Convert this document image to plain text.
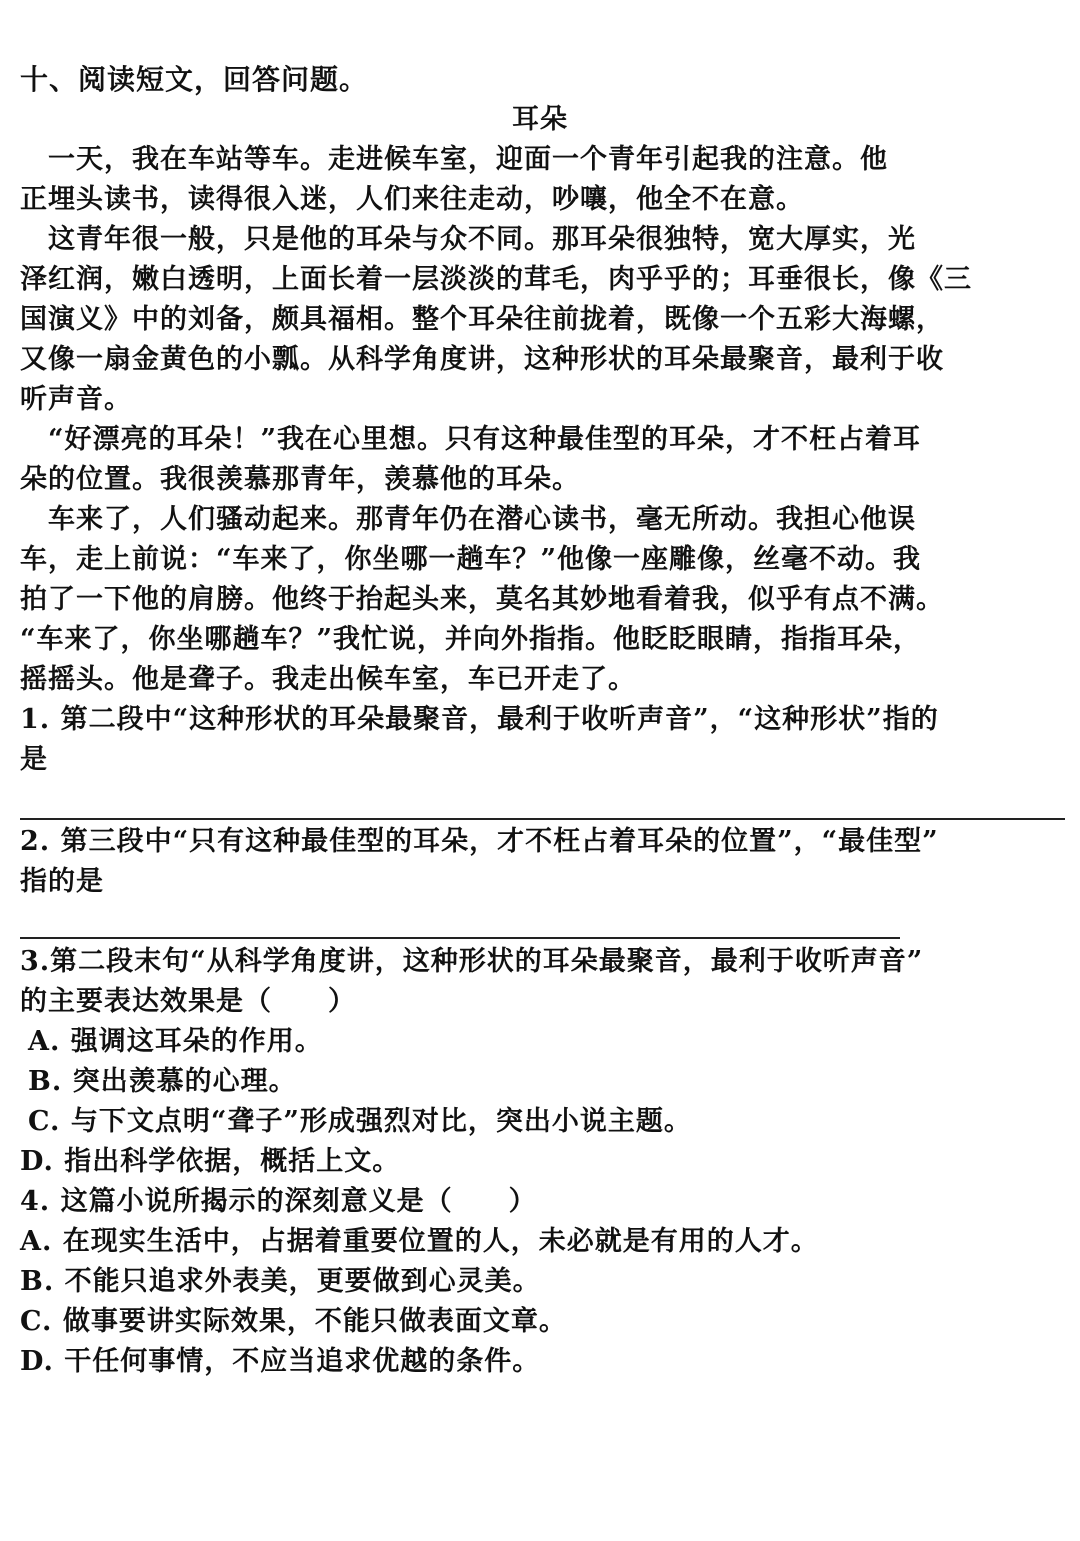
十、阅读短文，回答问题。
耳朵
　一天，我在车站等车。走进候车室，迎面一个青年引起我的注意。他
正埋头读书，读得很入迷，人们来往走动，吵嚷，他全不在意。
　这青年很一般，只是他的耳朵与众不同。那耳朵很独特，宽大厚实，光
泽红润，嫩白透明，上面长着一层淡淡的茸毛，肉乎乎的；耳垂很长，像《三
国演义》中的刘备，颇具福相。整个耳朵往前拢着，既像一个五彩大海螺，
又像一扇金黄色的小瓢。从科学角度讲，这种形状的耳朵最聚音，最利于收
听声音。
　“好漂亮的耳朵！”我在心里想。只有这种最佳型的耳朵，才不枉占着耳
朵的位置。我很羡慕那青年，羡慕他的耳朵。
　车来了，人们骚动起来。那青年仍在潜心读书，毫无所动。我担心他误
车，走上前说：“车来了，你坐哪一趟车？”他像一座雕像，丝毫不动。我
拍了一下他的肩膀。他终于抬起头来，莫名其妙地看着我，似乎有点不满。
“车来了，你坐哪趟车？”我忙说，并向外指指。他眨眨眼睛，指指耳朵，
摇摇头。他是聋子。我走出候车室，车已开走了。
1. 第二段中“这种形状的耳朵最聚音，最利于收听声音”，“这种形状”指的
是
2. 第三段中“只有这种最佳型的耳朵，才不枉占着耳朵的位置”，“最佳型”
指的是
3.第二段末句“从科学角度讲，这种形状的耳朵最聚音，最利于收听声音”
的主要表达效果是（　　）
A. 强调这耳朵的作用。
B. 突出羡慕的心理。
C. 与下文点明“聋子”形成强烈对比，突出小说主题。
D. 指出科学依据，概括上文。
4. 这篇小说所揭示的深刻意义是（　　）
A. 在现实生活中，占据着重要位置的人，未必就是有用的人才。
B. 不能只追求外表美，更要做到心灵美。
C. 做事要讲实际效果，不能只做表面文章。
D. 干任何事情，不应当追求优越的条件。
